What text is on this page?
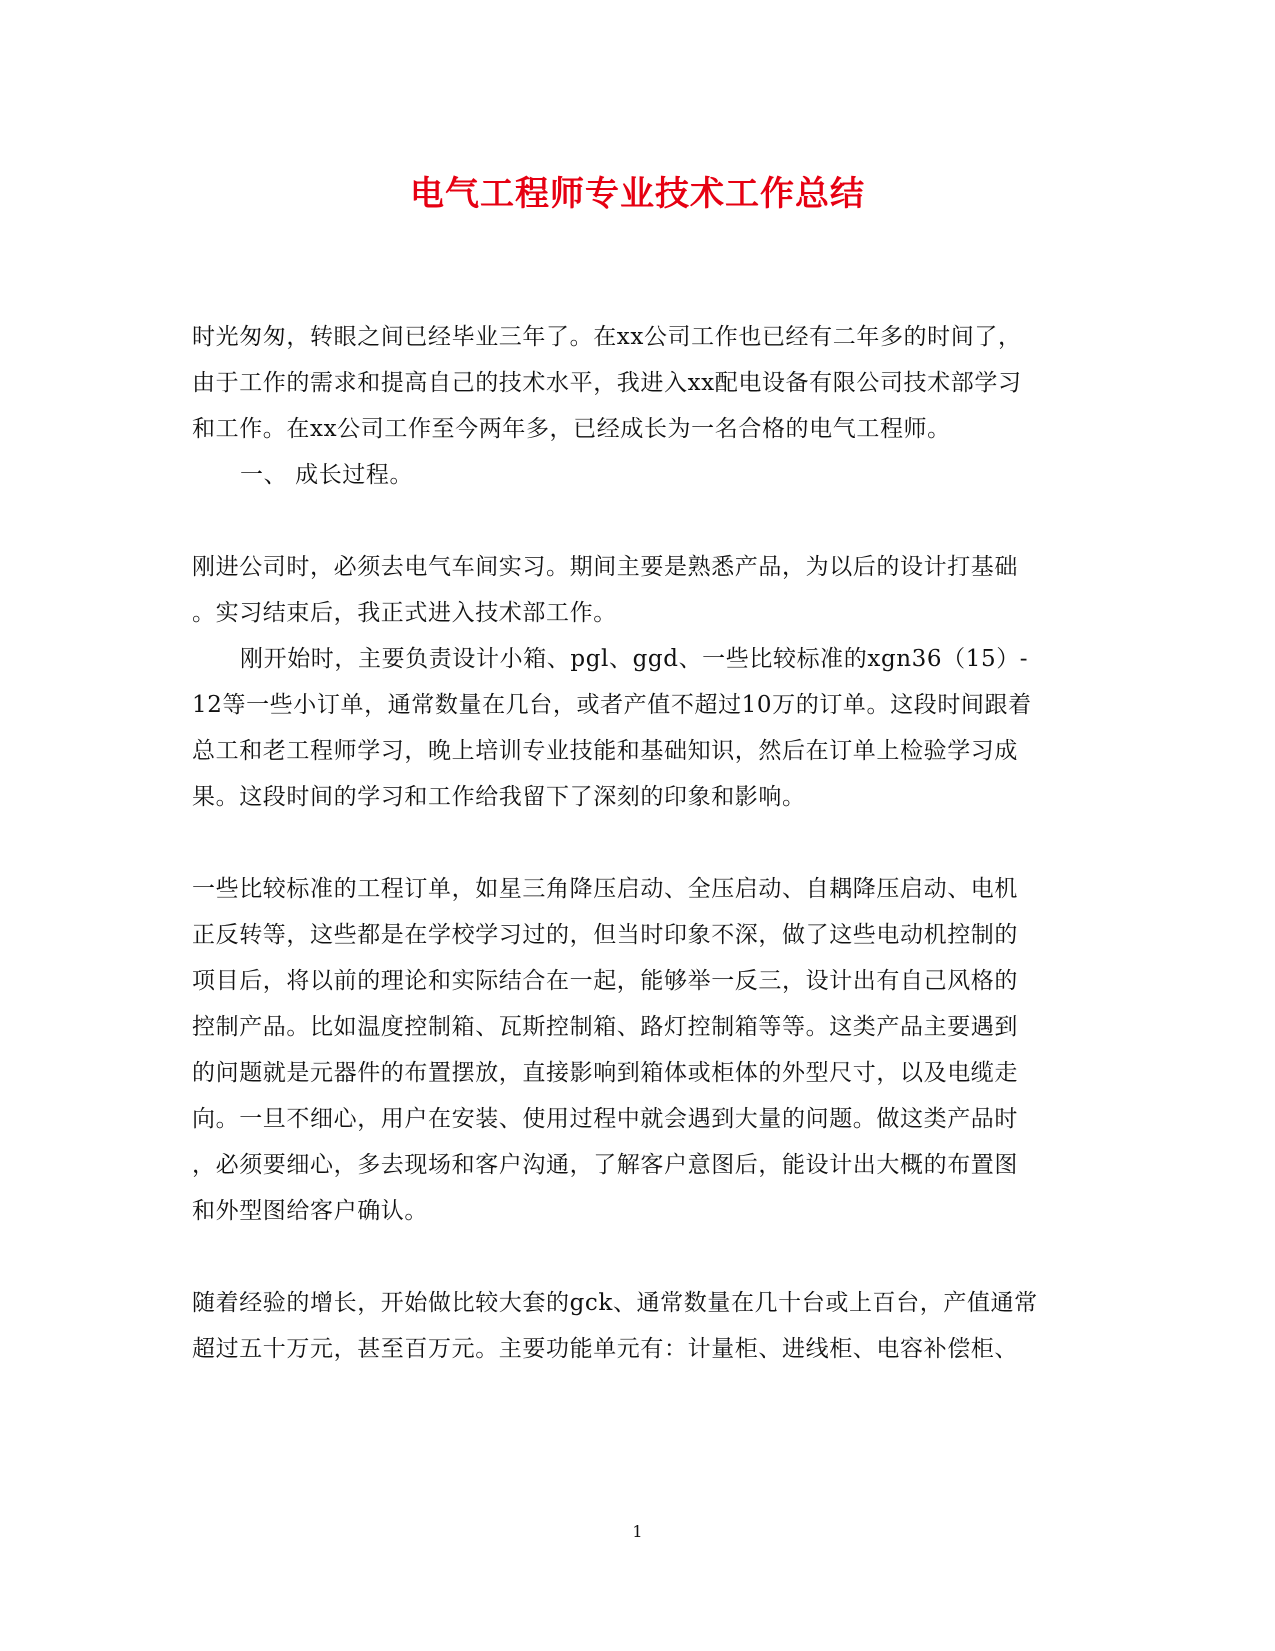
电气工程师专业技术工作总结
时光匆匆，转眼之间已经毕业三年了。在xx公司工作也已经有二年多的时间了，
由于工作的需求和提高自己的技术水平，我进入xx配电设备有限公司技术部学习
和工作。在xx公司工作至今两年多，已经成长为一名合格的电气工程师。
一、 成长过程。
刚进公司时，必须去电气车间实习。期间主要是熟悉产品，为以后的设计打基础
。实习结束后，我正式进入技术部工作。
刚开始时，主要负责设计小箱、pgl、ggd、一些比较标准的xgn36（15）-
12等一些小订单，通常数量在几台，或者产值不超过10万的订单。这段时间跟着
总工和老工程师学习，晚上培训专业技能和基础知识，然后在订单上检验学习成
果。这段时间的学习和工作给我留下了深刻的印象和影响。
一些比较标准的工程订单，如星三角降压启动、全压启动、自耦降压启动、电机
正反转等，这些都是在学校学习过的，但当时印象不深，做了这些电动机控制的
项目后，将以前的理论和实际结合在一起，能够举一反三，设计出有自己风格的
控制产品。比如温度控制箱、瓦斯控制箱、路灯控制箱等等。这类产品主要遇到
的问题就是元器件的布置摆放，直接影响到箱体或柜体的外型尺寸，以及电缆走
向。一旦不细心，用户在安装、使用过程中就会遇到大量的问题。做这类产品时
，必须要细心，多去现场和客户沟通，了解客户意图后，能设计出大概的布置图
和外型图给客户确认。
随着经验的增长，开始做比较大套的gck、通常数量在几十台或上百台，产值通常
超过五十万元，甚至百万元。主要功能单元有：计量柜、进线柜、电容补偿柜、
1
